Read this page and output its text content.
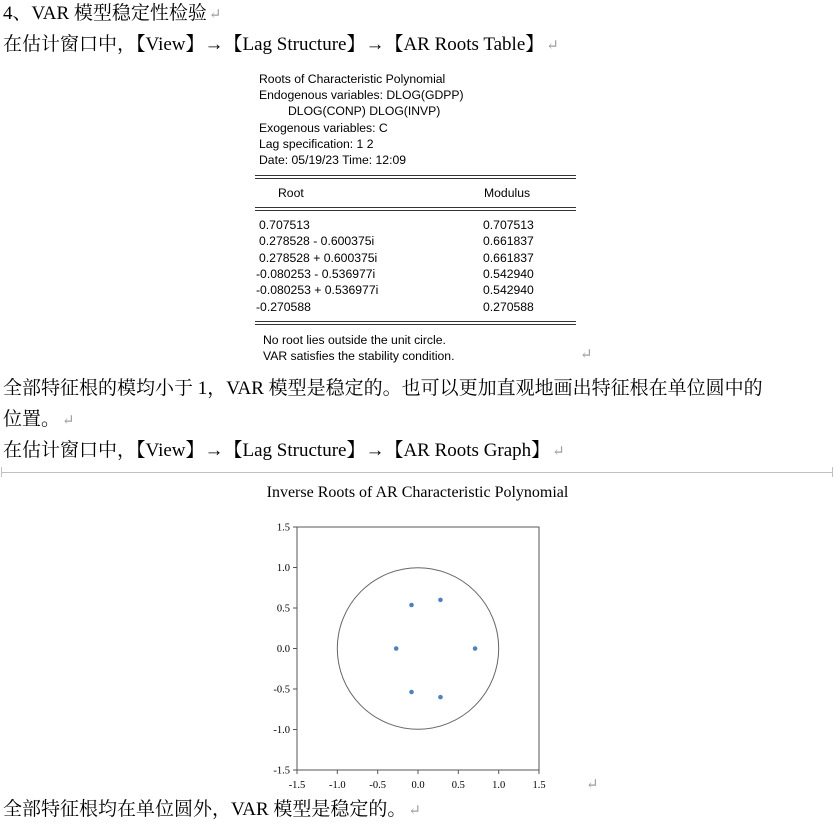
4、VAR 模型稳定性检验 ↵
在估计窗口中，【View】→【Lag Structure】→【AR Roots Table】 ↵
Roots of Characteristic Polynomial
Endogenous variables: DLOG(GDPP)
DLOG(CONP) DLOG(INVP)
Exogenous variables: C
Lag specification: 1 2
Date: 05/19/23 Time: 12:09
Root	Modulus
0.707513	0.707513
0.278528 - 0.600375i	0.661837
0.278528 + 0.600375i	0.661837
-0.080253 - 0.536977i	0.542940
-0.080253 + 0.536977i	0.542940
-0.270588	0.270588
No root lies outside the unit circle.
VAR satisfies the stability condition.	↵
全部特征根的模均小于 1，VAR 模型是稳定的。也可以更加直观地画出特征根在单位圆中的
位置。 ↵
在估计窗口中，【View】→【Lag Structure】→【AR Roots Graph】 ↵
Inverse Roots of AR Characteristic Polynomial
1.5
1.0
0.5
0.0
-0.5
-1.0
-1.5
-1.5 -1.0 -0.5 0.0	0.5	1.0	1.5	↵
全部特征根均在单位圆外，VAR 模型是稳定的。 ↵
